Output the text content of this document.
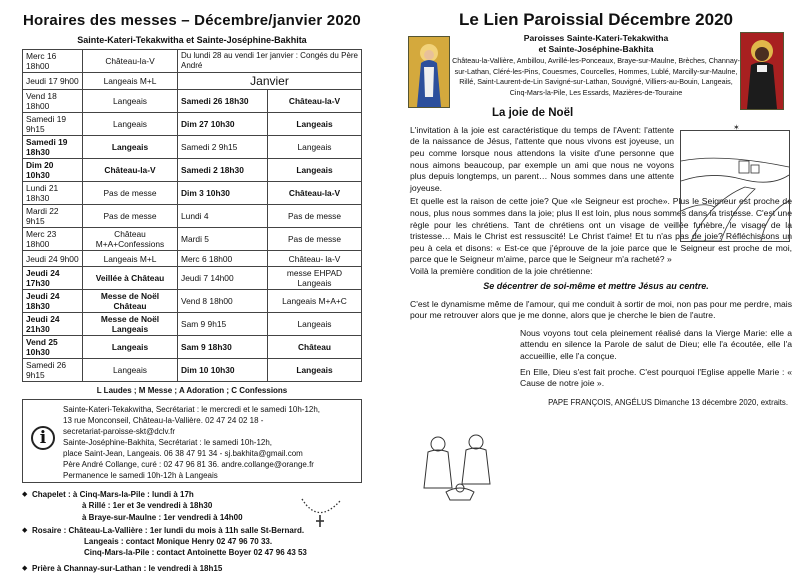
Horaires des messes – Décembre/janvier 2020
Sainte-Kateri-Tekakwitha et Sainte-Joséphine-Bakhita
Merc 16 18h00	Château-la-V	Du lundi 28 au vendi 1er janvier : Congés du Père André	
Jeudi 17 9h00	Langeais M+L	Janvier	
Vend 18 18h00	Langeais	Samedi 26 18h30	Château-la-V
Samedi 19 9h15	Langeais	Dim 27 10h30	Langeais
Samedi 19 18h30	Langeais	Samedi 2 9h15	Langeais
Dim 20 10h30	Château-la-V	Samedi 2 18h30	Langeais
Lundi 21 18h30	Pas de messe	Dim 3 10h30	Château-la-V
Mardi 22 9h15	Pas de messe	Lundi 4	Pas de messe
Merc 23 18h00	Château M+A+Confessions	Mardi 5	Pas de messe
Jeudi 24 9h00	Langeais M+L	Merc 6 18h00	Château- la-V
Jeudi 24 17h30	Veillée à Château	Jeudi 7 14h00	messe EHPAD Langeais
Jeudi 24 18h30	Messe de Noël Château	Vend 8 18h00	Langeais M+A+C
Jeudi 24 21h30	Messe de Noël Langeais	Sam 9 9h15	Langeais
Vend 25 10h30	Langeais	Sam 9 18h30	Château
Samedi 26 9h15	Langeais	Dim 10 10h30	Langeais
L Laudes ; M Messe ; A Adoration ; C Confessions
i
Sainte-Kateri-Tekakwitha, Secrétariat : le mercredi et le samedi 10h-12h,
13 rue Monconseil, Château-la-Vallière. 02 47 24 02 18 -
secretariat-paroisse-skt@dclv.fr
Sainte-Joséphine-Bakhita, Secrétariat : le samedi 10h-12h,
place Saint-Jean, Langeais. 06 38 47 91 34 - sj.bakhita@gmail.com
Père André Collange, curé : 02 47 96 81 36. andre.collange@orange.fr
Permanence le samedi 10h-12h à Langeais
◆ Chapelet : à Cinq-Mars-la-Pile : lundi à 17h
à Rillé : 1er et 3e vendredi à 18h30
à Braye-sur-Maulne : 1er vendredi à 14h00
◆ Rosaire : Château-La-Vallière : 1er lundi du mois à 11h salle St-Bernard.
Langeais : contact Monique Henry 02 47 96 70 33.
Cinq-Mars-la-Pile : contact Antoinette Boyer 02 47 96 43 53
◆ Prière à Channay-sur-Lathan : le vendredi à 18h15
Le Lien Paroissial Décembre 2020
Paroisses Sainte-Kateri-Tekakwitha
et Sainte-Joséphine-Bakhita
Château-la-Vallière, Ambillou, Avrillé-les-Ponceaux, Braye-sur-Maulne, Brèches, Channay-sur-Lathan, Cléré-les-Pins, Couesmes, Courcelles, Hommes, Lublé, Marcilly-sur-Maulne, Rillé, Saint-Laurent-de-Lin Savigné-sur-Lathan, Souvigné, Villiers-au-Bouin, Langeais, Cinq-Mars-la-Pile, Les Essards, Mazières-de-Touraine
La joie de Noël
✶
L'invitation à la joie est caractéristique du temps de l'Avent: l'attente de la naissance de Jésus, l'attente que nous vivons est joyeuse, un peu comme lorsque nous attendons la visite d'une personne que nous aimons beaucoup, par exemple un ami que nous ne voyons plus depuis longtemps, un parent… Nous sommes dans une attente joyeuse.
Et quelle est la raison de cette joie? Que «le Seigneur est proche». Plus le Seigneur est proche de nous, plus nous sommes dans la joie; plus Il est loin, plus nous sommes dans la tristesse. C'est une règle pour les chrétiens. Tant de chrétiens ont un visage de veillée funèbre, le visage de la tristesse… Mais le Christ est ressuscité! Le Christ t'aime! Et tu n'as pas de joie? Réfléchissons un peu à cela et disons: « Est-ce que j'éprouve de la joie parce que le Seigneur est proche de moi, parce que le Seigneur m'aime, parce que le Seigneur m'a racheté? »
Voilà la première condition de la joie chrétienne:
Se décentrer de soi-même et mettre Jésus au centre.
C'est le dynamisme même de l'amour, qui me conduit à sortir de moi, non pas pour me perdre, mais pour me retrouver alors que je me donne, alors que je cherche le bien de l'autre.
Nous voyons tout cela pleinement réalisé dans la Vierge Marie: elle a attendu en silence la Parole de salut de Dieu; elle l'a écoutée, elle l'a accueillie, elle l'a conçue.
En Elle, Dieu s'est fait proche. C'est pourquoi l'Eglise appelle Marie : « Cause de notre joie ».
PAPE FRANÇOIS, ANGÉLUS Dimanche 13 décembre 2020, extraits.
